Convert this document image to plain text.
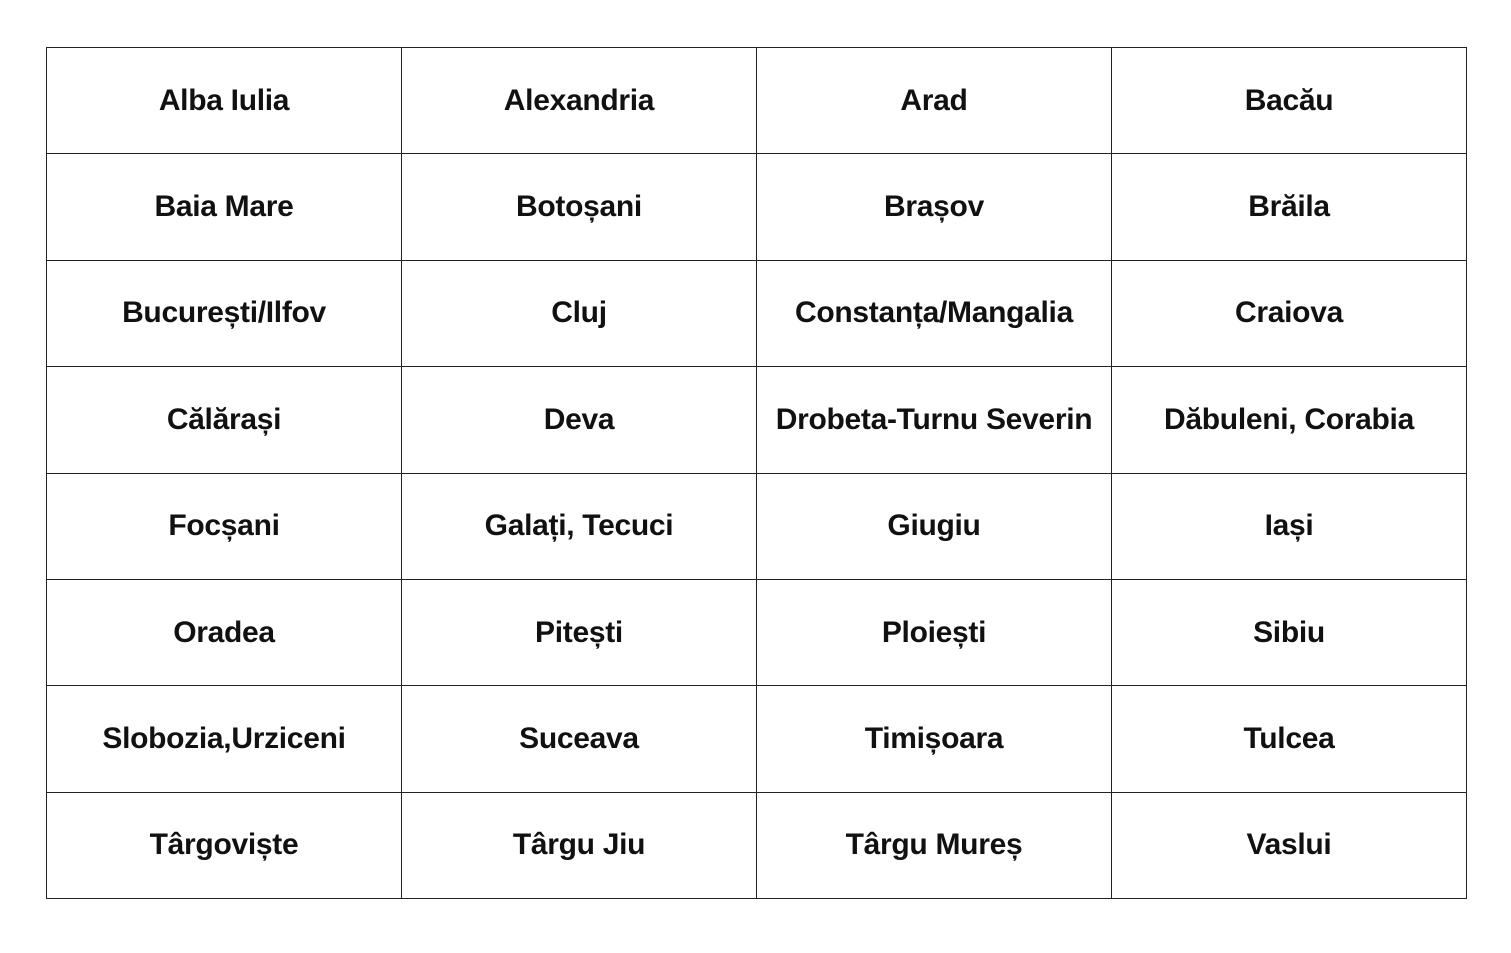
Alba Iulia	Alexandria	Arad	Bacău
Baia Mare	Botoșani	Brașov	Brăila
București/Ilfov	Cluj	Constanța/Mangalia	Craiova
Călărași	Deva	Drobeta-Turnu Severin	Dăbuleni, Corabia
Focșani	Galați, Tecuci	Giugiu	Iași
Oradea	Pitești	Ploiești	Sibiu
Slobozia,Urziceni	Suceava	Timișoara	Tulcea
Târgoviște	Târgu Jiu	Târgu Mureș	Vaslui
